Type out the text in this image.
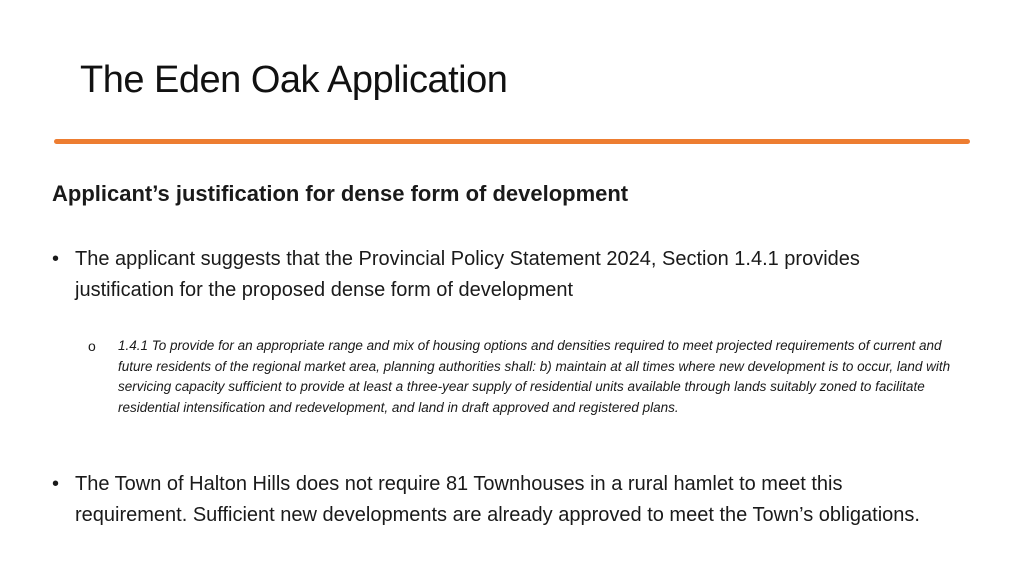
The Eden Oak Application
Applicant’s justification for dense form of development
• The applicant suggests that the Provincial Policy Statement 2024, Section 1.4.1 provides justification for the proposed dense form of development
o 1.4.1 To provide for an appropriate range and mix of housing options and densities required to meet projected requirements of current and future residents of the regional market area, planning authorities shall: b) maintain at all times where new development is to occur, land with servicing capacity sufficient to provide at least a three-year supply of residential units available through lands suitably zoned to facilitate residential intensification and redevelopment, and land in draft approved and registered plans.
• The Town of Halton Hills does not require 81 Townhouses in a rural hamlet to meet this requirement. Sufficient new developments are already approved to meet the Town’s obligations.
